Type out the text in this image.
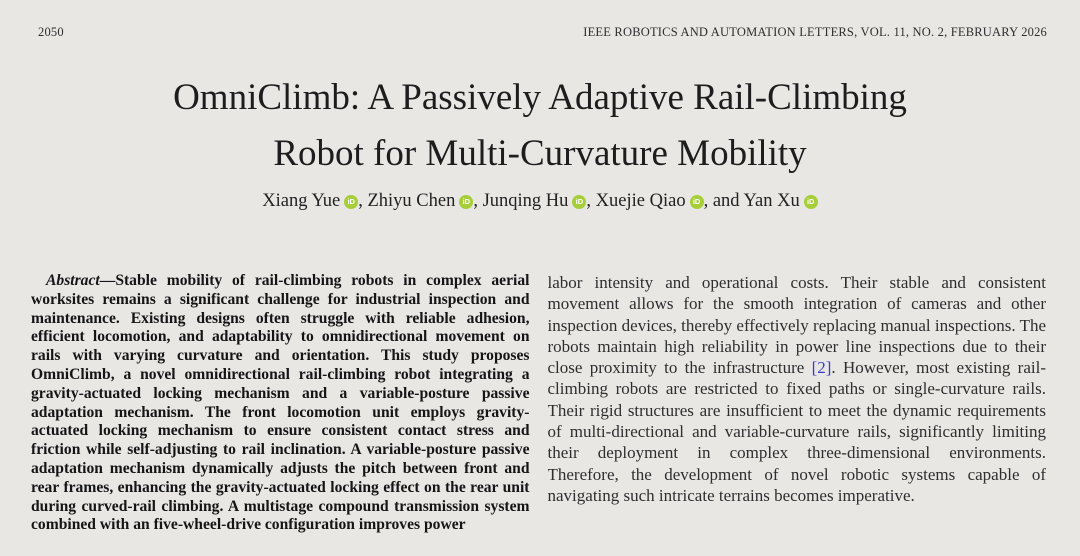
2050	IEEE ROBOTICS AND AUTOMATION LETTERS, VOL. 11, NO. 2, FEBRUARY 2026
OmniClimb: A Passively Adaptive Rail-Climbing
Robot for Multi-Curvature Mobility
Xiang Yue iD , Zhiyu Chen iD , Junqing Hu iD , Xuejie Qiao iD , and Yan Xu iD

Abstract—Stable mobility of rail-climbing robots in complex aerial worksites remains a significant challenge for industrial inspection and maintenance. Existing designs often struggle with reliable adhesion, efficient locomotion, and adaptability to omnidirectional movement on rails with varying curvature and orientation. This study proposes OmniClimb, a novel omnidirectional rail-climbing robot integrating a gravity-actuated locking mechanism and a variable-posture passive adaptation mechanism. The front locomotion unit employs gravity-actuated locking mechanism to ensure consistent contact stress and friction while self-adjusting to rail inclination. A variable-posture passive adaptation mechanism dynamically adjusts the pitch between front and rear frames, enhancing the gravity-actuated locking effect on the rear unit during curved-rail climbing. A multistage compound transmission system combined with an five-wheel-drive configuration improves power

labor intensity and operational costs. Their stable and consistent movement allows for the smooth integration of cameras and other inspection devices, thereby effectively replacing manual inspections. The robots maintain high reliability in power line inspections due to their close proximity to the infrastructure [2]. However, most existing rail-climbing robots are restricted to fixed paths or single-curvature rails. Their rigid structures are insufficient to meet the dynamic requirements of multi-directional and variable-curvature rails, significantly limiting their deployment in complex three-dimensional environments. Therefore, the development of novel robotic systems capable of navigating such intricate terrains becomes imperative.
